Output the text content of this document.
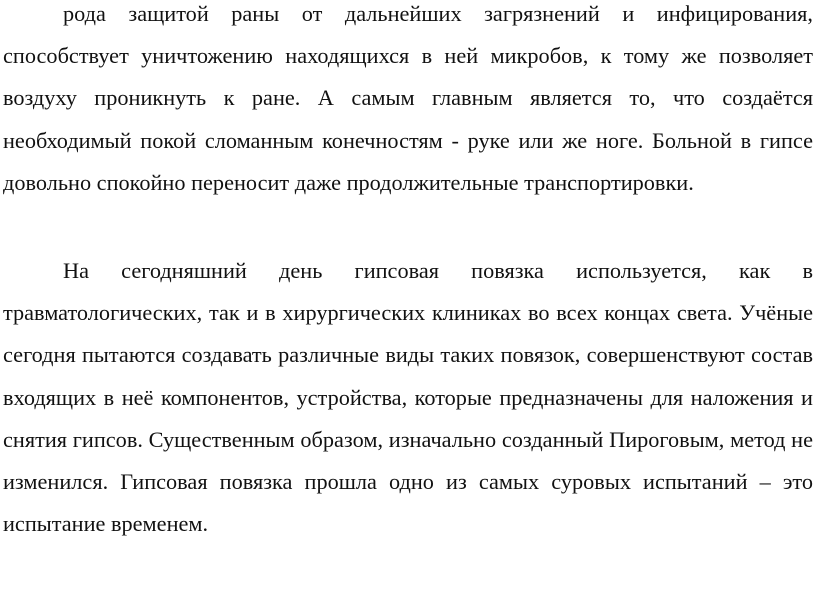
рода защитой раны от дальнейших загрязнений и инфицирования, способствует уничтожению находящихся в ней микробов, к тому же позволяет воздуху проникнуть к ране. А самым главным является то, что создаётся необходимый покой сломанным конечностям - руке или же ноге. Больной в гипсе довольно спокойно переносит даже продолжительные транспортировки.

На сегодняшний день гипсовая повязка используется, как в травматологических, так и в хирургических клиниках во всех концах света. Учёные сегодня пытаются создавать различные виды таких повязок, совершенствуют состав входящих в неё компонентов, устройства, которые предназначены для наложения и снятия гипсов. Существенным образом, изначально созданный Пироговым, метод не изменился. Гипсовая повязка прошла одно из самых суровых испытаний – это испытание временем.
